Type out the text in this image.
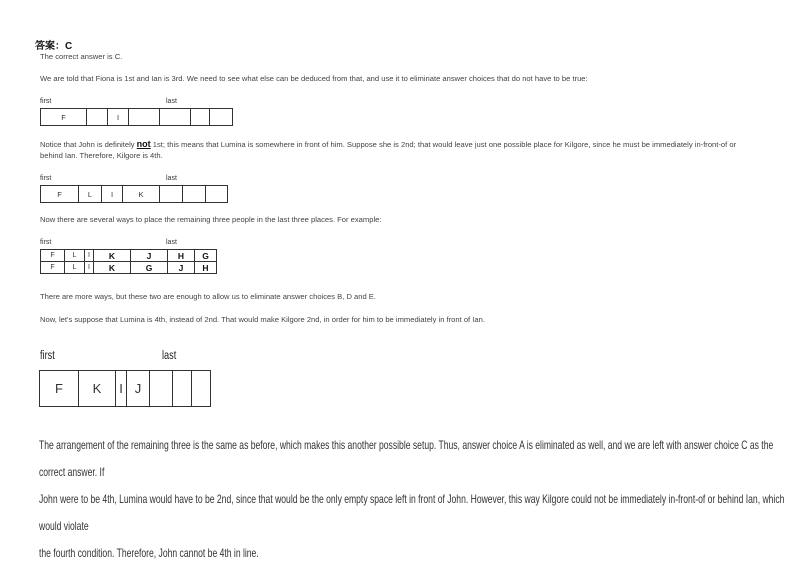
答案：C
The correct answer is C.
We are told that Fiona is 1st and Ian is 3rd. We need to see what else can be deduced from that, and use it to eliminate answer choices that do not have to be true:
first	last
F		I				
Notice that John is definitely not 1st; this means that Lumina is somewhere in front of him. Suppose she is 2nd; that would leave just one possible place for Kilgore, since he must be immediately in-front-of or
behind Ian. Therefore, Kilgore is 4th.
first	last
F	L	I	K			
Now there are several ways to place the remaining three people in the last three places. For example:
first	last
F	L	I	K	J	H	G
F	L	I	K	G	J	H
There are more ways, but these two are enough to allow us to eliminate answer choices B, D and E.
Now, let's suppose that Lumina is 4th, instead of 2nd. That would make Kilgore 2nd, in order for him to be immediately in front of Ian.
first	last
F	K	I	J			
The arrangement of the remaining three is the same as before, which makes this another possible setup. Thus, answer choice A is eliminated as well, and we are left with answer choice C as the correct answer. If
John were to be 4th, Lumina would have to be 2nd, since that would be the only empty space left in front of John. However, this way Kilgore could not be immediately in-front-of or behind Ian, which would violate
the fourth condition. Therefore, John cannot be 4th in line.
